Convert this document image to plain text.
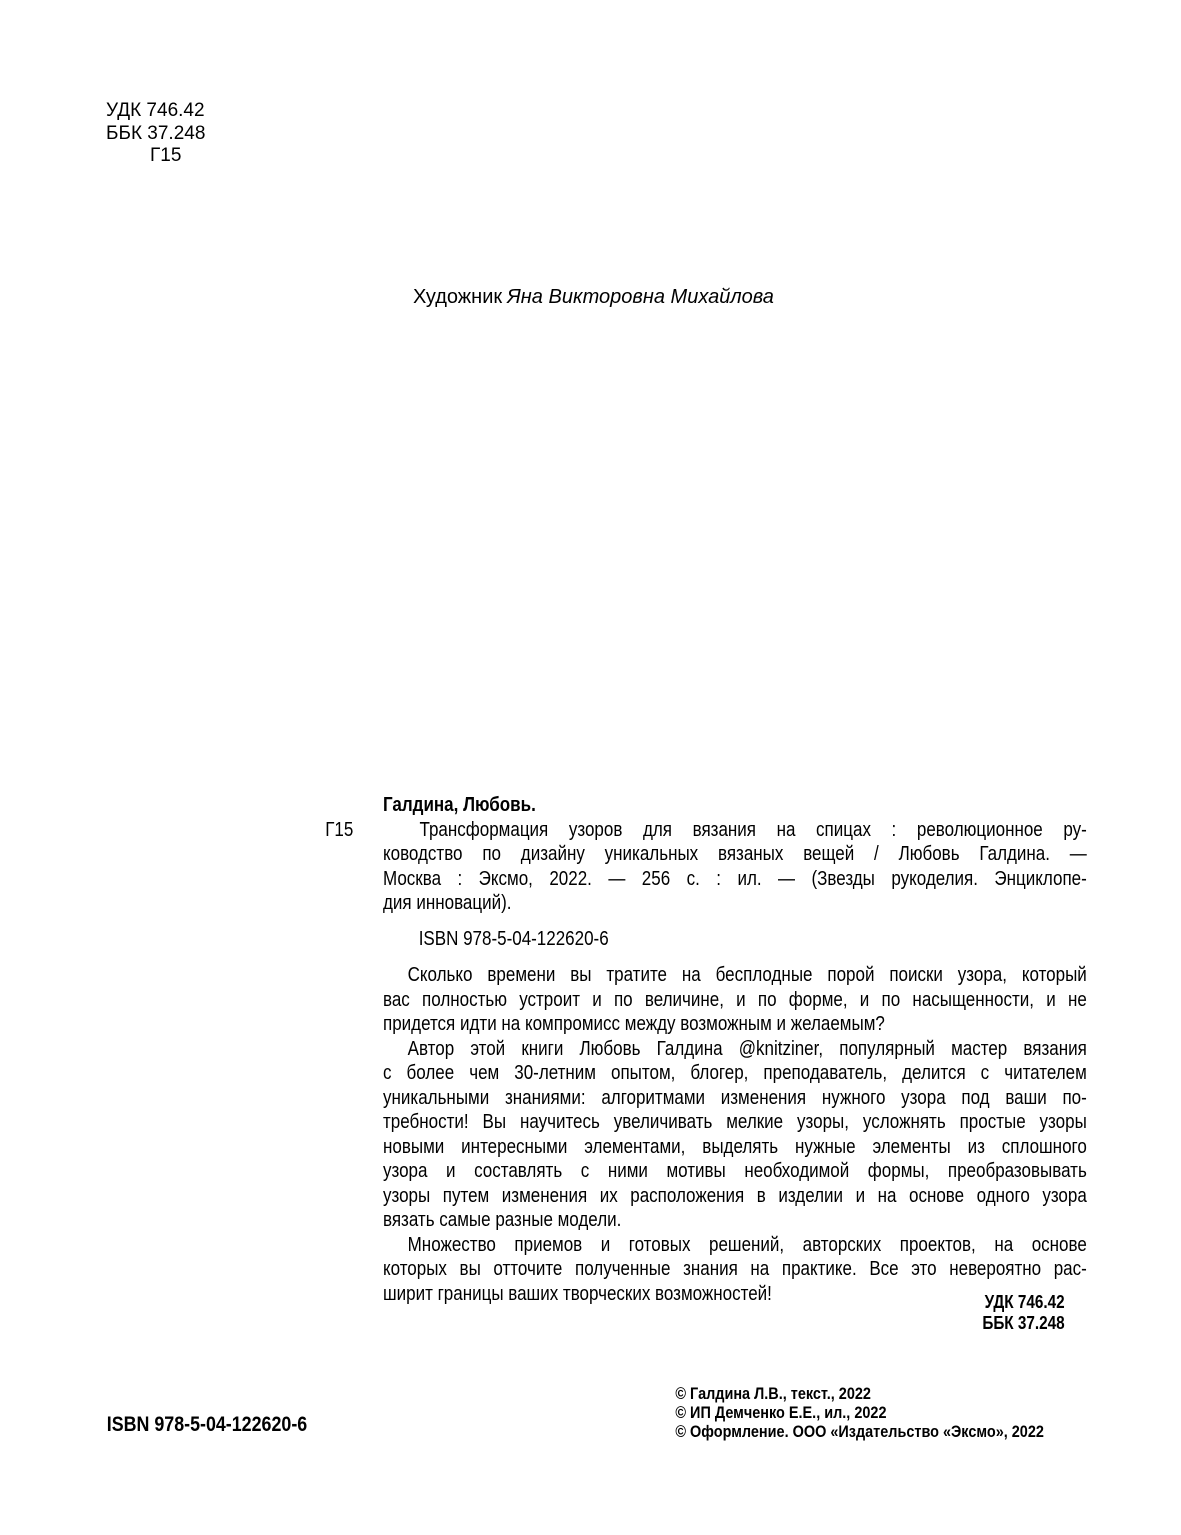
УДК 746.42
ББК 37.248
Г15
Художник Яна Викторовна Михайлова
Г15
Галдина, Любовь.
Трансформация узоров для вязания на спицах : революционное ру-
ководство по дизайну уникальных вязаных вещей / Любовь Галдина. —
Москва : Эксмо, 2022. — 256 с. : ил. — (Звезды рукоделия. Энциклопе-
дия инноваций).
ISBN 978-5-04-122620-6
Сколько времени вы тратите на бесплодные порой поиски узора, который
вас полностью устроит и по величине, и по форме, и по насыщенности, и не
придется идти на компромисс между возможным и желаемым?
Автор этой книги Любовь Галдина @knitziner, популярный мастер вязания
с более чем 30-летним опытом, блогер, преподаватель, делится с читателем
уникальными знаниями: алгоритмами изменения нужного узора под ваши по-
требности! Вы научитесь увеличивать мелкие узоры, усложнять простые узоры
новыми интересными элементами, выделять нужные элементы из сплошного
узора и составлять с ними мотивы необходимой формы, преобразовывать
узоры путем изменения их расположения в изделии и на основе одного узора
вязать самые разные модели.
Множество приемов и готовых решений, авторских проектов, на основе
которых вы отточите полученные знания на практике. Все это невероятно рас-
ширит границы ваших творческих возможностей!	УДК 746.42
ББК 37.248
© Галдина Л.В., текст., 2022
© ИП Демченко Е.Е., ил., 2022
© Оформление. ООО «Издательство «Эксмо», 2022
ISBN 978-5-04-122620-6
